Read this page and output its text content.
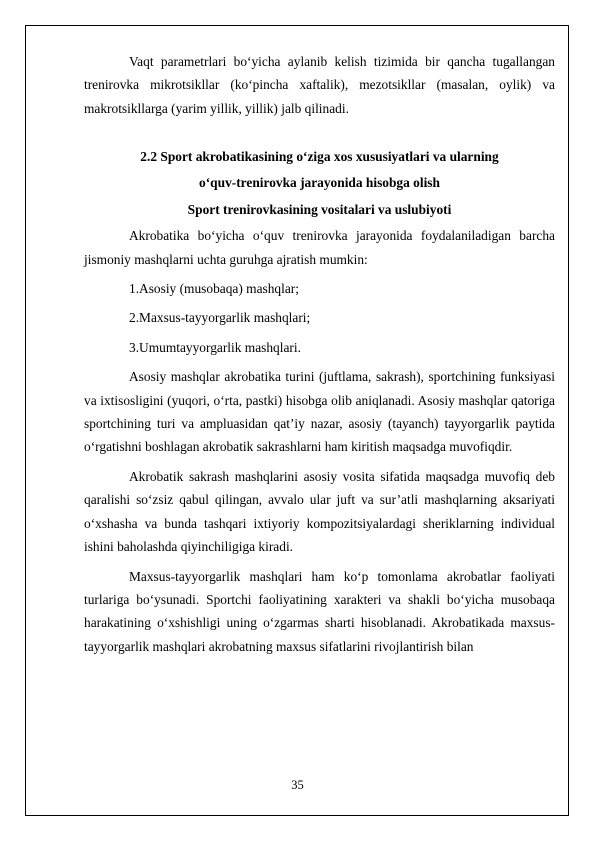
Vaqt parametrlari bo‘yicha aylanib kelish tizimida bir qancha tugallangan trenirovka mikrotsikllar (ko‘pincha xaftalik), mezotsikllar (masalan, oylik) va makrotsikllarga (yarim yillik, yillik) jalb qilinadi.

2.2 Sport akrobatikasining o‘ziga xos xususiyatlari va ularning
o‘quv-trenirovka jarayonida hisobga olish
Sport trenirovkasining vositalari va uslubiyoti

Akrobatika bo‘yicha o‘quv trenirovka jarayonida foydalaniladigan barcha jismoniy mashqlarni uchta guruhga ajratish mumkin:

1.Asosiy (musobaqa) mashqlar;

2.Maxsus-tayyorgarlik mashqlari;

3.Umumtayyorgarlik mashqlari.

Asosiy mashqlar akrobatika turini (juftlama, sakrash), sportchining funksiyasi va ixtisosligini (yuqori, o‘rta, pastki) hisobga olib aniqlanadi. Asosiy mashqlar qatoriga sportchining turi va ampluasidan qat’iy nazar, asosiy (tayanch) tayyorgarlik paytida o‘rgatishni boshlagan akrobatik sakrashlarni ham kiritish maqsadga muvofiqdir.

Akrobatik sakrash mashqlarini asosiy vosita sifatida maqsadga muvofiq deb qaralishi so‘zsiz qabul qilingan, avvalo ular juft va sur’atli mashqlarning aksariyati o‘xshasha va bunda tashqari ixtiyoriy kompozitsiyalardagi sheriklarning individual ishini baholashda qiyinchiligiga kiradi.

Maxsus-tayyorgarlik mashqlari ham ko‘p tomonlama akrobatlar faoliyati turlariga bo‘ysunadi. Sportchi faoliyatining xarakteri va shakli bo‘yicha musobaqa harakatining o‘xshishligi uning o‘zgarmas sharti hisoblanadi. Akrobatikada maxsus-tayyorgarlik mashqlari akrobatning maxsus sifatlarini rivojlantirish bilan

35
